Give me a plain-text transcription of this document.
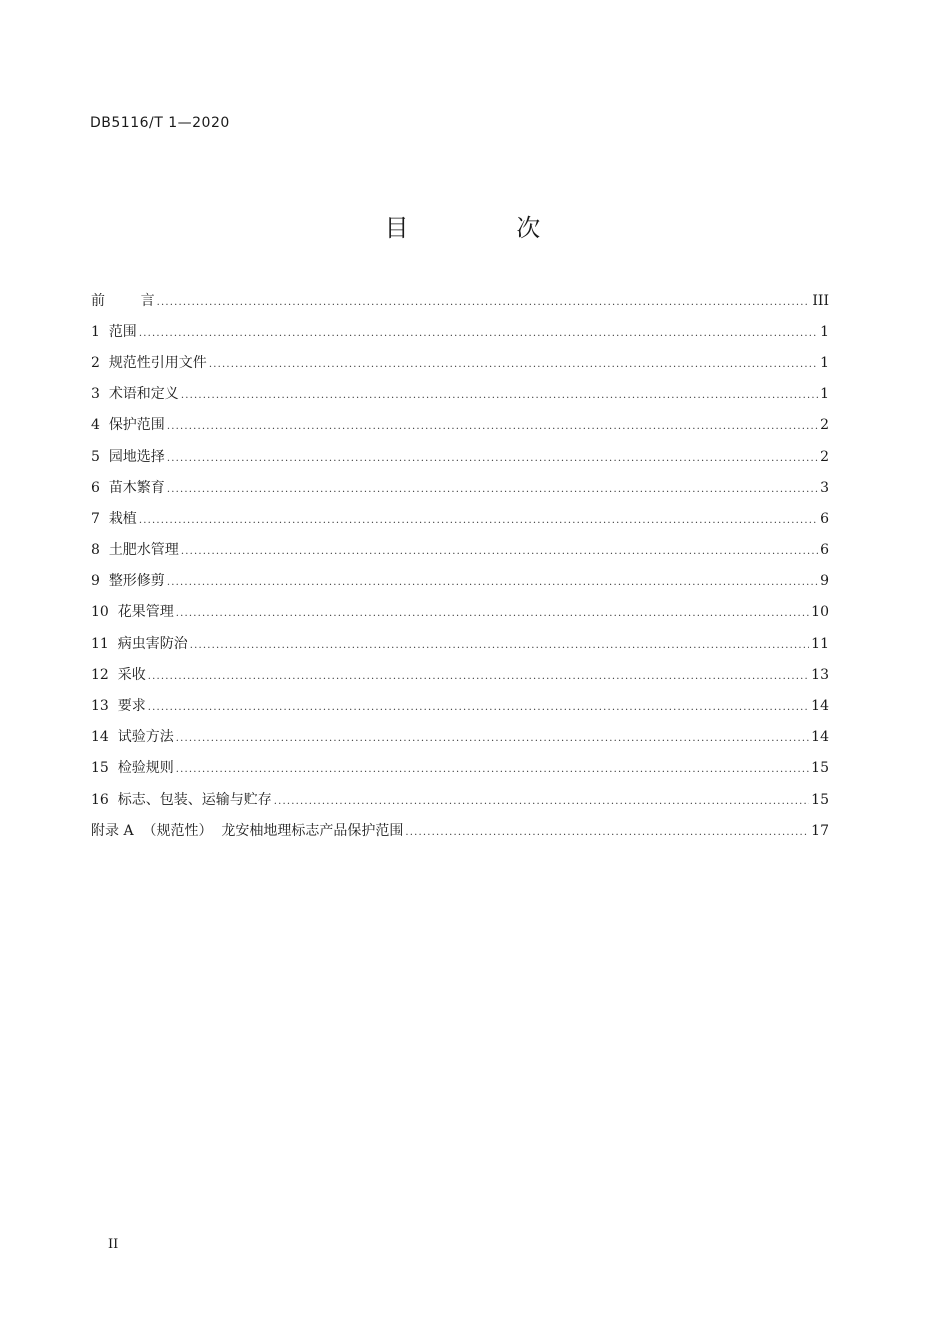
DB5116/T 1—2020
目 次
前 言 .....	III
1 范围 .....	1
2 规范性引用文件 .....	1
3 术语和定义 .....	1
4 保护范围 .....	2
5 园地选择 .....	2
6 苗木繁育 .....	3
7 栽植 .....	6
8 土肥水管理 .....	6
9 整形修剪 .....	9
10 花果管理 .....	10
11 病虫害防治 .....	11
12 采收 .....	13
13 要求 .....	14
14 试验方法 .....	14
15 检验规则 .....	15
16 标志、包装、运输与贮存 .....	15
附录 A （规范性）  龙安柚地理标志产品保护范围 .....	17
II
